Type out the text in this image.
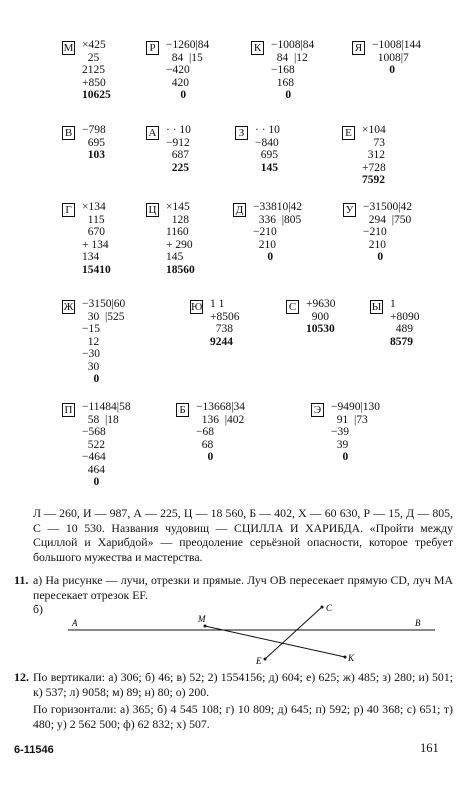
М ×425
25
2125
+850
10625
Р −1260|84
84  |15
−420
420
0
К −1008|84
84  |12
−168
168
0
Я −1008|144
1008|7
0
В −798
695
103
А · · 10
−912
687
225
З · · 10
−840
695
145
Е ×104
73
312
+728
7592
Г ×134
115
670
+ 134
134
15410
Ц ×145
128
1160
+ 290
145
18560
Д −33810|42
336  |805
−210
210
0
У −31500|42
294  |750
−210
210
0
Ж −3150|60
30  |525
−15
12
−30
30
0
Ю 1 1
+8506
738
9244
С +9630
900
10530
Ы 1
+8090
489
8579
П −11484|58
58  |18
−568
522
−464
464
0
Б −13668|34
136  |402
−68
68
0
Э −9490|130
91  |73
−39
39
0
Л — 260, И — 987, А — 225, Ц — 18 560, Б — 402, Х — 60 630, Р — 15, Д — 805, С — 10 530. Названия чудовищ — СЦИЛЛА И ХАРИБДА. «Пройти между Сциллой и Харибдой» — преодоление серьёзной опасности, которое требует большого мужества и мастерства.
11. а) На рисунке — лучи, отрезки и прямые. Луч OB пересекает прямую CD, луч MA пересекает отрезок EF.
б)
A	M
C
B
E	K
12. По вертикали: а) 306; б) 46; в) 52; 2) 1554156; д) 604; е) 625; ж) 485; з) 280; и) 501; к) 537; л) 9058; м) 89; н) 80; о) 200.
По горизонтали: а) 365; б) 4 545 108; г) 10 809; д) 645; п) 592; р) 40 368; с) 651; т) 480; у) 2 562 500; ф) 62 832; х) 507.
6-11546	161
